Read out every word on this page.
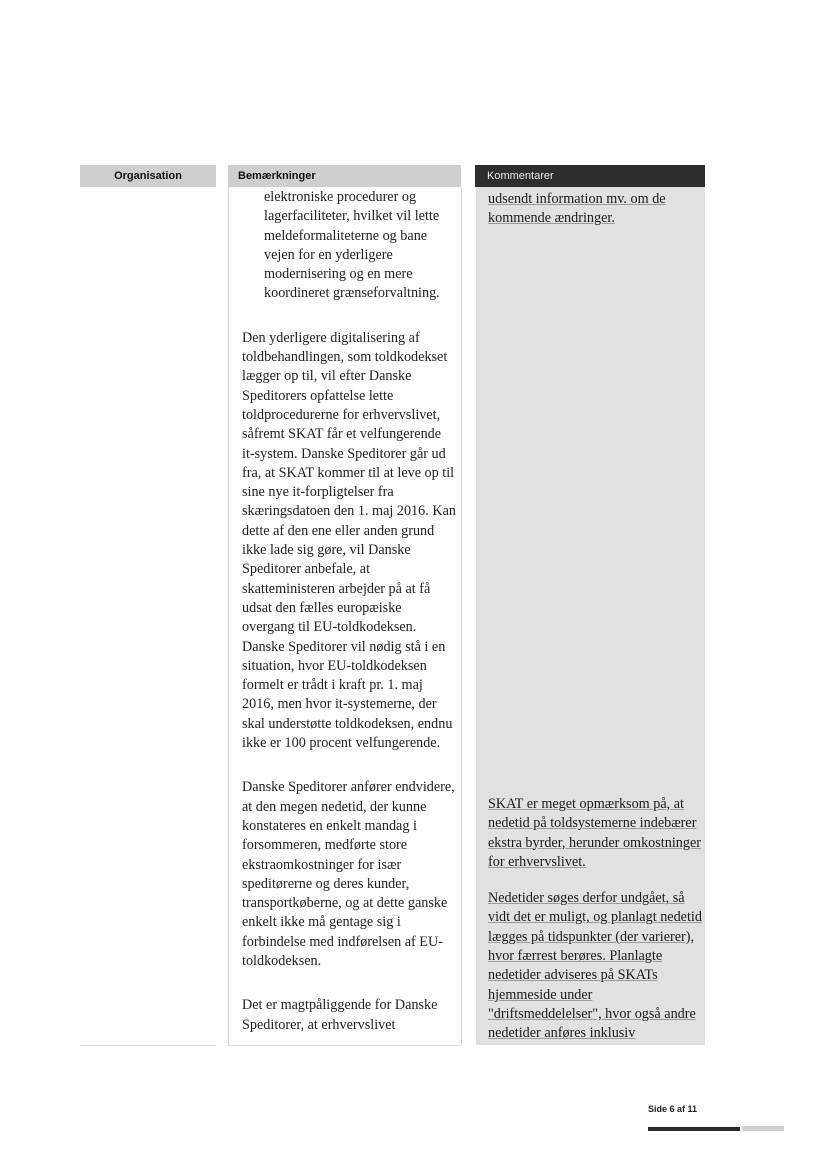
Organisation	Bemærkninger	Kommentarer

elektroniske procedurer og lagerfaciliteter, hvilket vil lette meldeformaliteterne og bane vejen for en yderligere modernisering og en mere koordineret grænseforvaltning.

Den yderligere digitalisering af toldbehandlingen, som toldkodekset lægger op til, vil efter Danske Speditorers opfattelse lette toldprocedurerne for erhvervslivet, såfremt SKAT får et velfungerende it-system. Danske Speditorer går ud fra, at SKAT kommer til at leve op til sine nye it-forpligtelser fra skæringsdatoen den 1. maj 2016. Kan dette af den ene eller anden grund ikke lade sig gøre, vil Danske Speditorer anbefale, at skatteministeren arbejder på at få udsat den fælles europæiske overgang til EU-toldkodeksen. Danske Speditorer vil nødig stå i en situation, hvor EU-toldkodeksen formelt er trådt i kraft pr. 1. maj 2016, men hvor it-systemerne, der skal understøtte toldkodeksen, endnu ikke er 100 procent velfungerende.

Danske Speditorer anfører endvidere, at den megen nedetid, der kunne konstateres en enkelt mandag i forsommeren, medførte store ekstraomkostninger for især speditørerne og deres kunder, transportkøberne, og at dette ganske enkelt ikke må gentage sig i forbindelse med indførelsen af EU-toldkodeksen.

Det er magtpåliggende for Danske Speditorer, at erhvervslivet

udsendt information mv. om de kommende ændringer.

SKAT er meget opmærksom på, at nedetid på toldsystemerne indebærer ekstra byrder, herunder omkostninger for erhvervslivet.

Nedetider søges derfor undgået, så vidt det er muligt, og planlagt nedetid lægges på tidspunkter (der varierer), hvor færrest berøres. Planlagte nedetider adviseres på SKATs hjemmeside under "driftsmeddelelser", hvor også andre nedetider anføres inklusiv

Side 6 af 11
